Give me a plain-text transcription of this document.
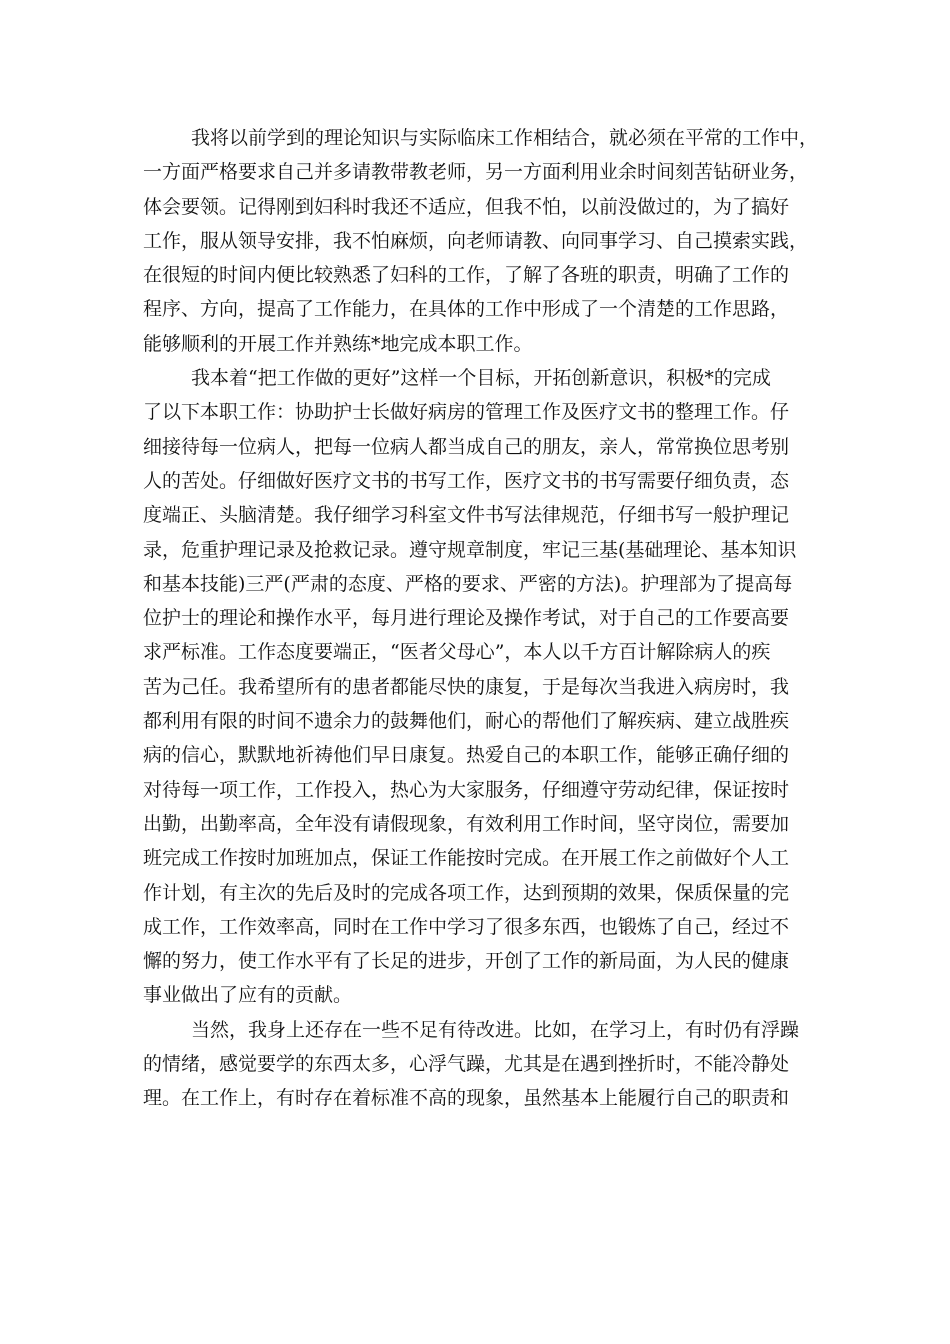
我将以前学到的理论知识与实际临床工作相结合，就必须在平常的工作中，
一方面严格要求自己并多请教带教老师，另一方面利用业余时间刻苦钻研业务，
体会要领。记得刚到妇科时我还不适应，但我不怕，以前没做过的，为了搞好
工作，服从领导安排，我不怕麻烦，向老师请教、向同事学习、自己摸索实践，
在很短的时间内便比较熟悉了妇科的工作，了解了各班的职责，明确了工作的
程序、方向，提高了工作能力，在具体的工作中形成了一个清楚的工作思路，
能够顺利的开展工作并熟练*地完成本职工作。
我本着“把工作做的更好”这样一个目标，开拓创新意识，积极*的完成
了以下本职工作：协助护士长做好病房的管理工作及医疗文书的整理工作。仔
细接待每一位病人，把每一位病人都当成自己的朋友，亲人，常常换位思考别
人的苦处。仔细做好医疗文书的书写工作，医疗文书的书写需要仔细负责，态
度端正、头脑清楚。我仔细学习科室文件书写法律规范，仔细书写一般护理记
录，危重护理记录及抢救记录。遵守规章制度，牢记三基(基础理论、基本知识
和基本技能)三严(严肃的态度、严格的要求、严密的方法)。护理部为了提高每
位护士的理论和操作水平，每月进行理论及操作考试，对于自己的工作要高要
求严标准。工作态度要端正，“医者父母心”，本人以千方百计解除病人的疾
苦为己任。我希望所有的患者都能尽快的康复，于是每次当我进入病房时，我
都利用有限的时间不遗余力的鼓舞他们，耐心的帮他们了解疾病、建立战胜疾
病的信心，默默地祈祷他们早日康复。热爱自己的本职工作，能够正确仔细的
对待每一项工作，工作投入，热心为大家服务，仔细遵守劳动纪律，保证按时
出勤，出勤率高，全年没有请假现象，有效利用工作时间，坚守岗位，需要加
班完成工作按时加班加点，保证工作能按时完成。在开展工作之前做好个人工
作计划，有主次的先后及时的完成各项工作，达到预期的效果，保质保量的完
成工作，工作效率高，同时在工作中学习了很多东西，也锻炼了自己，经过不
懈的努力，使工作水平有了长足的进步，开创了工作的新局面，为人民的健康
事业做出了应有的贡献。
当然，我身上还存在一些不足有待改进。比如，在学习上，有时仍有浮躁
的情绪，感觉要学的东西太多，心浮气躁，尤其是在遇到挫折时，不能冷静处
理。在工作上，有时存在着标准不高的现象，虽然基本上能履行自己的职责和
